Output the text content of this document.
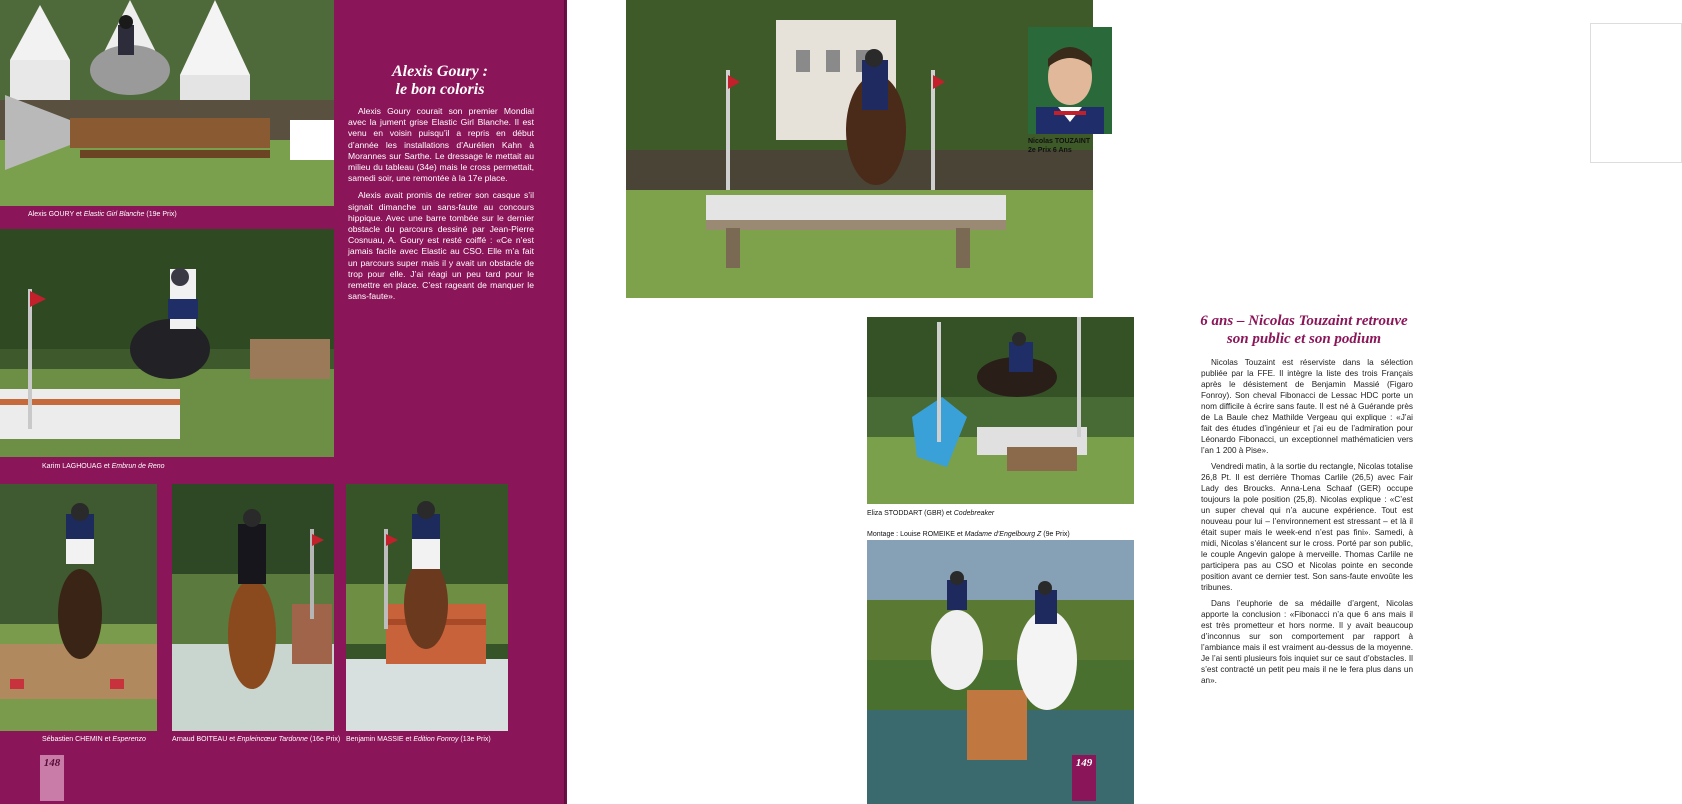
Alexis GOURY et Elastic Girl Blanche (19e Prix)
Karim LAGHOUAG et Embrun de Reno
Sébastien CHEMIN et Esperenzo	Arnaud BOITEAU et Enpleincœur Tardonne (16e Prix) Benjamin MASSIE et Edition Fonroy (13e Prix)
Alexis Goury :
le bon coloris

Alexis Goury courait son premier Mondial avec la jument grise Elastic Girl Blanche. Il est venu en voisin puisqu’il a repris en début d’année les installations d’Aurélien Kahn à Morannes sur Sarthe. Le dressage le mettait au milieu du tableau (34e) mais le cross permettait, samedi soir, une remontée à la 17e place.

Alexis avait promis de retirer son casque s’il signait dimanche un sans-faute au concours hippique. Avec une barre tombée sur le dernier obstacle du parcours dessiné par Jean-Pierre Cosnuau, A. Goury est resté coiffé : «Ce n’est jamais facile avec Elastic au CSO. Elle m’a fait un parcours super mais il y avait un obstacle de trop pour elle. J’ai réagi un peu tard pour le remettre en place. C’est rageant de manquer le sans-faute».

148
Nicolas TOUZAINT
2e Prix 6 Ans
6 ans – Nicolas Touzaint retrouve
son public et son podium

Nicolas Touzaint est réserviste dans la sélection publiée par la FFE. Il intègre la liste des trois Français après le désistement de Benjamin Massié (Figaro Fonroy). Son cheval Fibonacci de Lessac HDC porte un nom difficile à écrire sans faute. Il est né à Guérande près de La Baule chez Mathilde Vergeau qui explique : «J’ai fait des études d’ingénieur et j’ai eu de l’admiration pour Léonardo Fibonacci, un exceptionnel mathématicien vers l’an 1 200 à Pise».

Vendredi matin, à la sortie du rectangle, Nicolas totalise 26,8 Pt. Il est derrière Thomas Carlile (26,5) avec Fair Lady des Broucks. Anna-Lena Schaaf (GER) occupe toujours la pole position (25,8). Nicolas explique : «C’est un super cheval qui n’a aucune expérience. Tout est nouveau pour lui – l’environnement est stressant – et là il était super mais le week-end n’est pas fini». Samedi, à midi, Nicolas s’élancent sur le cross. Porté par son public, le couple Angevin galope à merveille. Thomas Carlile ne participera pas au CSO et Nicolas pointe en seconde position avant ce dernier test. Son sans-faute envoûte les tribunes.

Dans l’euphorie de sa médaille d’argent, Nicolas apporte la conclusion : «Fibonacci n’a que 6 ans mais il est très prometteur et hors norme. Il y avait beaucoup d’inconnus sur son comportement par rapport à l’ambiance mais il est vraiment au-dessus de la moyenne. Je l’ai senti plusieurs fois inquiet sur ce saut d’obstacles. Il s’est contracté un petit peu mais il ne le fera plus dans un an».

Eliza STODDART (GBR) et Codebreaker
Montage : Louise ROMEIKE et Madame d’Engelbourg Z (9e Prix)
149
